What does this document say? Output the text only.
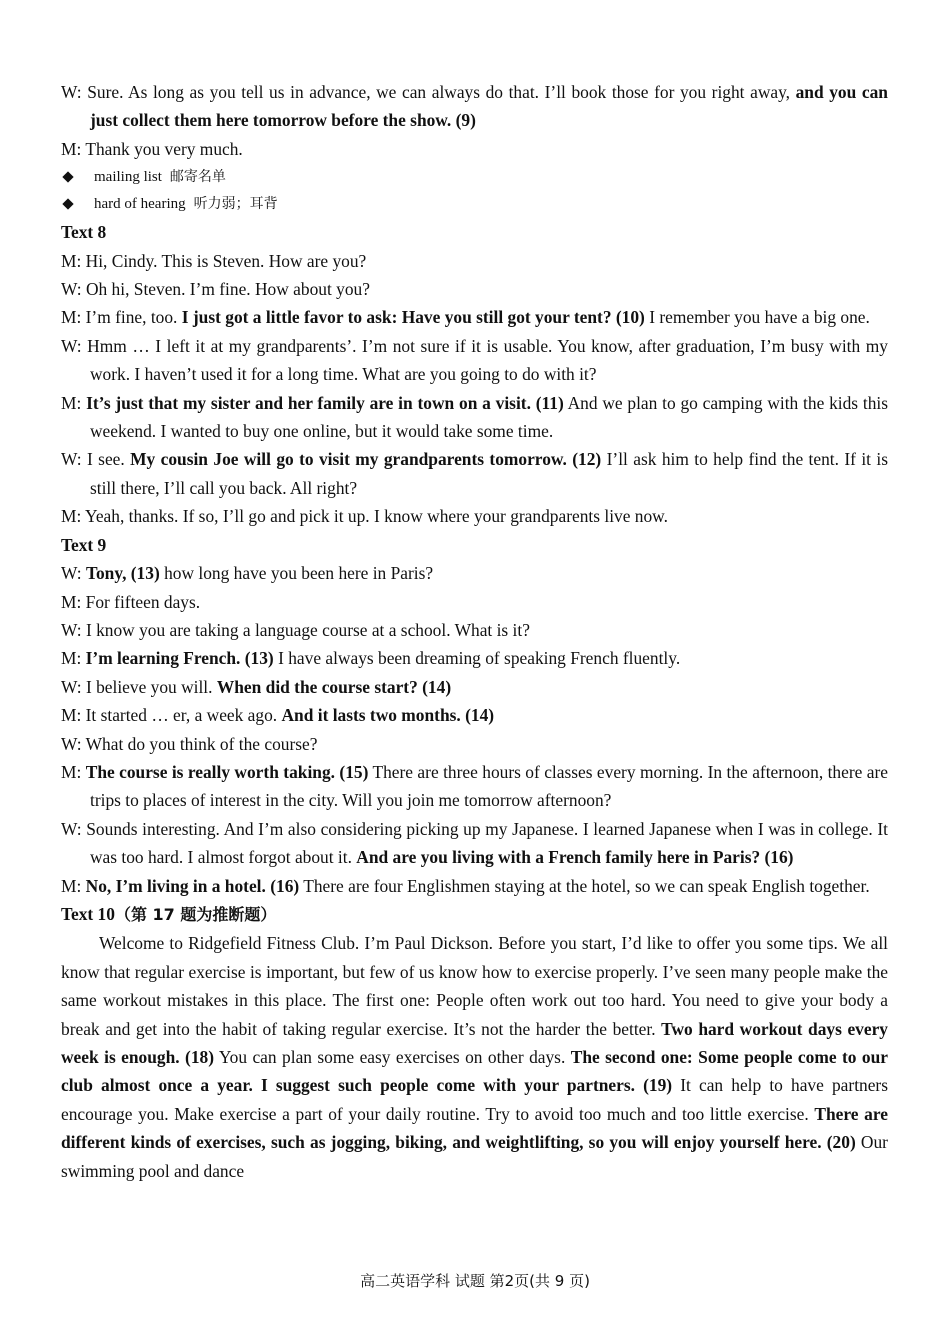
W: Sure. As long as you tell us in advance, we can always do that. I’ll book those for you right away, and you can just collect them here tomorrow before the show. (9)

M: Thank you very much.

mailing list 邮寄名单

hard of hearing 听力弱；耳背

Text 8

M: Hi, Cindy. This is Steven. How are you?

W: Oh hi, Steven. I’m fine. How about you?

M: I’m fine, too. I just got a little favor to ask: Have you still got your tent? (10) I remember you have a big one.

W: Hmm … I left it at my grandparents’. I’m not sure if it is usable. You know, after graduation, I’m busy with my work. I haven’t used it for a long time. What are you going to do with it?

M: It’s just that my sister and her family are in town on a visit. (11) And we plan to go camping with the kids this weekend. I wanted to buy one online, but it would take some time.

W: I see. My cousin Joe will go to visit my grandparents tomorrow. (12) I’ll ask him to help find the tent. If it is still there, I’ll call you back. All right?

M: Yeah, thanks. If so, I’ll go and pick it up. I know where your grandparents live now.

Text 9

W: Tony, (13) how long have you been here in Paris?

M: For fifteen days.

W: I know you are taking a language course at a school. What is it?

M: I’m learning French. (13) I have always been dreaming of speaking French fluently.

W: I believe you will. When did the course start? (14)

M: It started … er, a week ago. And it lasts two months. (14)

W: What do you think of the course?

M: The course is really worth taking. (15) There are three hours of classes every morning. In the afternoon, there are trips to places of interest in the city. Will you join me tomorrow afternoon?

W: Sounds interesting. And I’m also considering picking up my Japanese. I learned Japanese when I was in college. It was too hard. I almost forgot about it. And are you living with a French family here in Paris? (16)

M: No, I’m living in a hotel. (16) There are four Englishmen staying at the hotel, so we can speak English together.

Text 10（第 17 题为推断题）

Welcome to Ridgefield Fitness Club. I’m Paul Dickson. Before you start, I’d like to offer you some tips. We all know that regular exercise is important, but few of us know how to exercise properly. I’ve seen many people make the same workout mistakes in this place. The first one: People often work out too hard. You need to give your body a break and get into the habit of taking regular exercise. It’s not the harder the better. Two hard workout days every week is enough. (18) You can plan some easy exercises on other days. The second one: Some people come to our club almost once a year. I suggest such people come with your partners. (19) It can help to have partners encourage you. Make exercise a part of your daily routine. Try to avoid too much and too little exercise. There are different kinds of exercises, such as jogging, biking, and weightlifting, so you will enjoy yourself here. (20) Our swimming pool and dance

高二英语学科 试题 第2页(共 9 页)
